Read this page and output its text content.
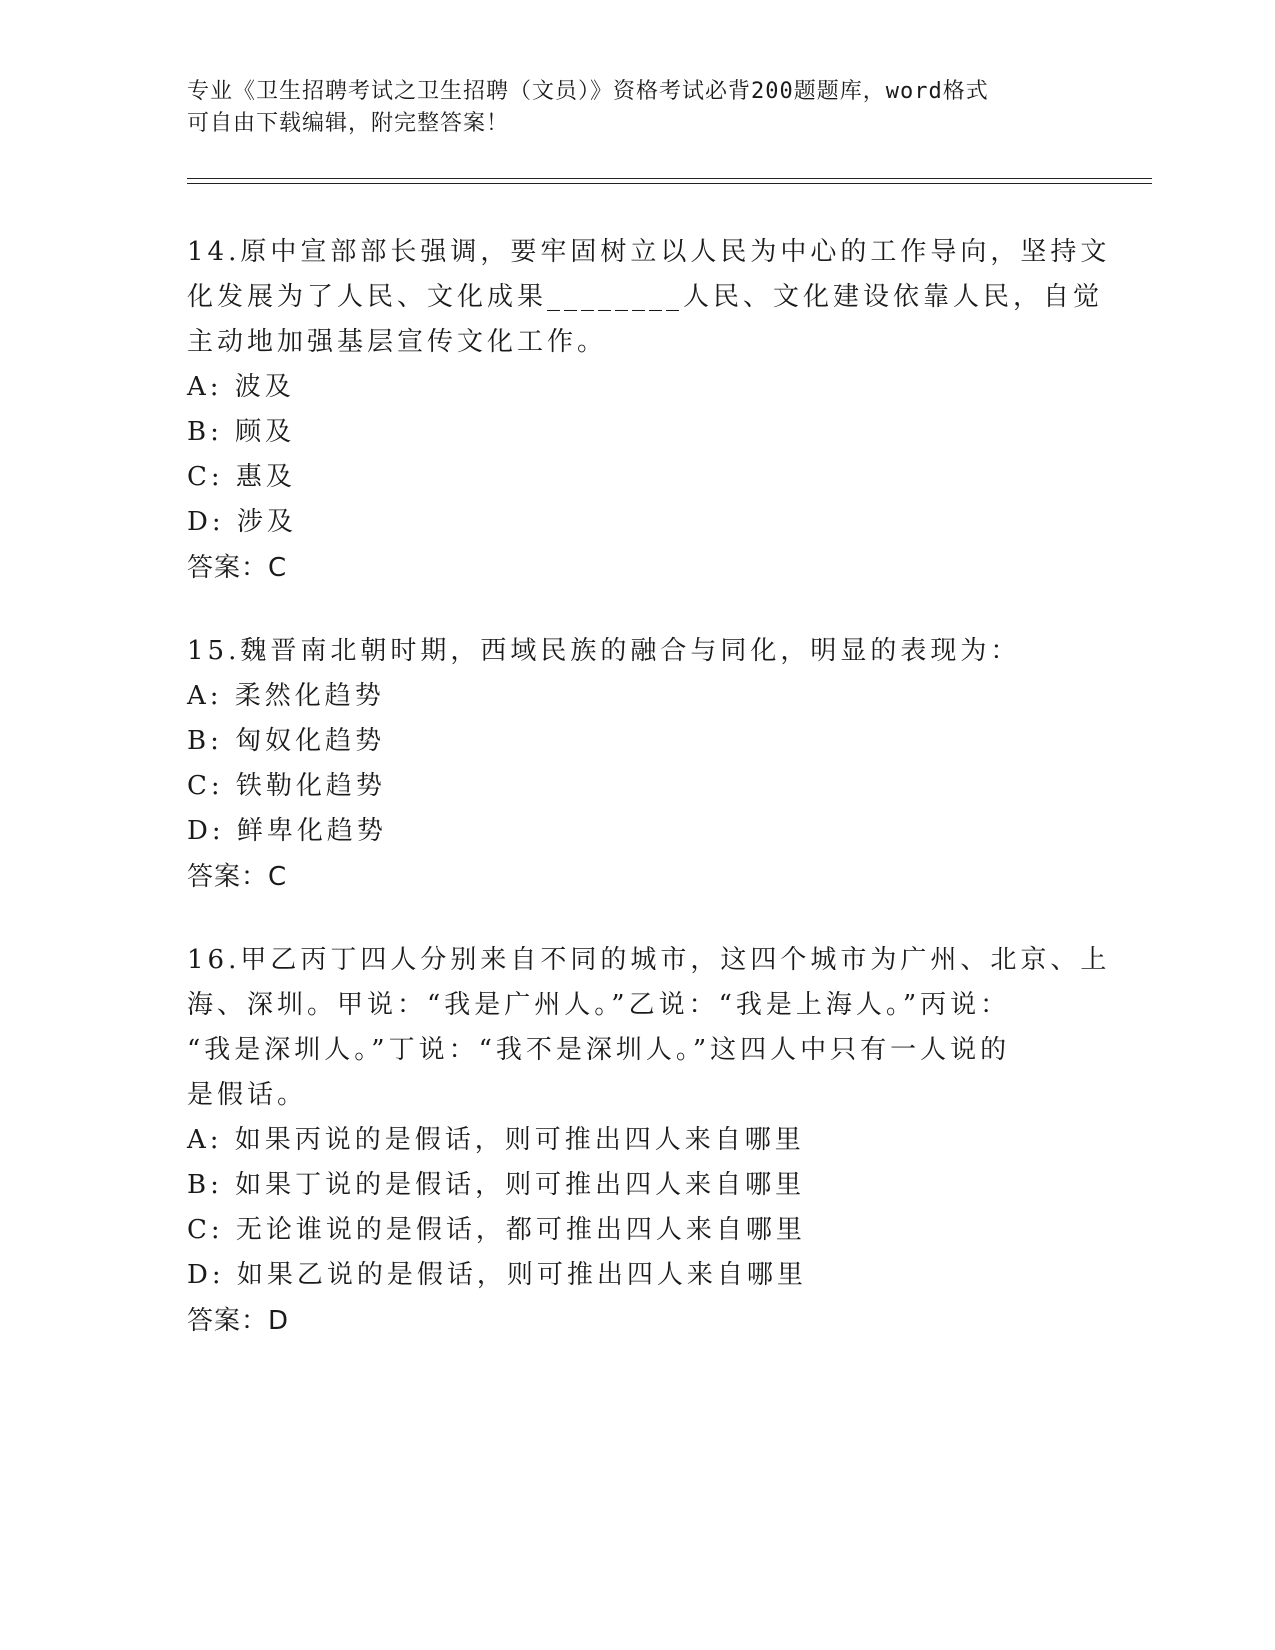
专业《卫生招聘考试之卫生招聘（文员）》资格考试必背200题题库，word格式
可自由下载编辑，附完整答案！
14.原中宣部部长强调，要牢固树立以人民为中心的工作导向，坚持文
化发展为了人民、文化成果________人民、文化建设依靠人民，自觉
主动地加强基层宣传文化工作。
A: 波及
B: 顾及
C: 惠及
D: 涉及
答案：C
15.魏晋南北朝时期，西域民族的融合与同化，明显的表现为：
A: 柔然化趋势
B: 匈奴化趋势
C: 铁勒化趋势
D: 鲜卑化趋势
答案：C
16.甲乙丙丁四人分别来自不同的城市，这四个城市为广州、北京、上
海、深圳。甲说：“我是广州人。”乙说：“我是上海人。”丙说：
“我是深圳人。”丁说：“我不是深圳人。”这四人中只有一人说的
是假话。
A: 如果丙说的是假话，则可推出四人来自哪里
B: 如果丁说的是假话，则可推出四人来自哪里
C: 无论谁说的是假话，都可推出四人来自哪里
D: 如果乙说的是假话，则可推出四人来自哪里
答案：D
